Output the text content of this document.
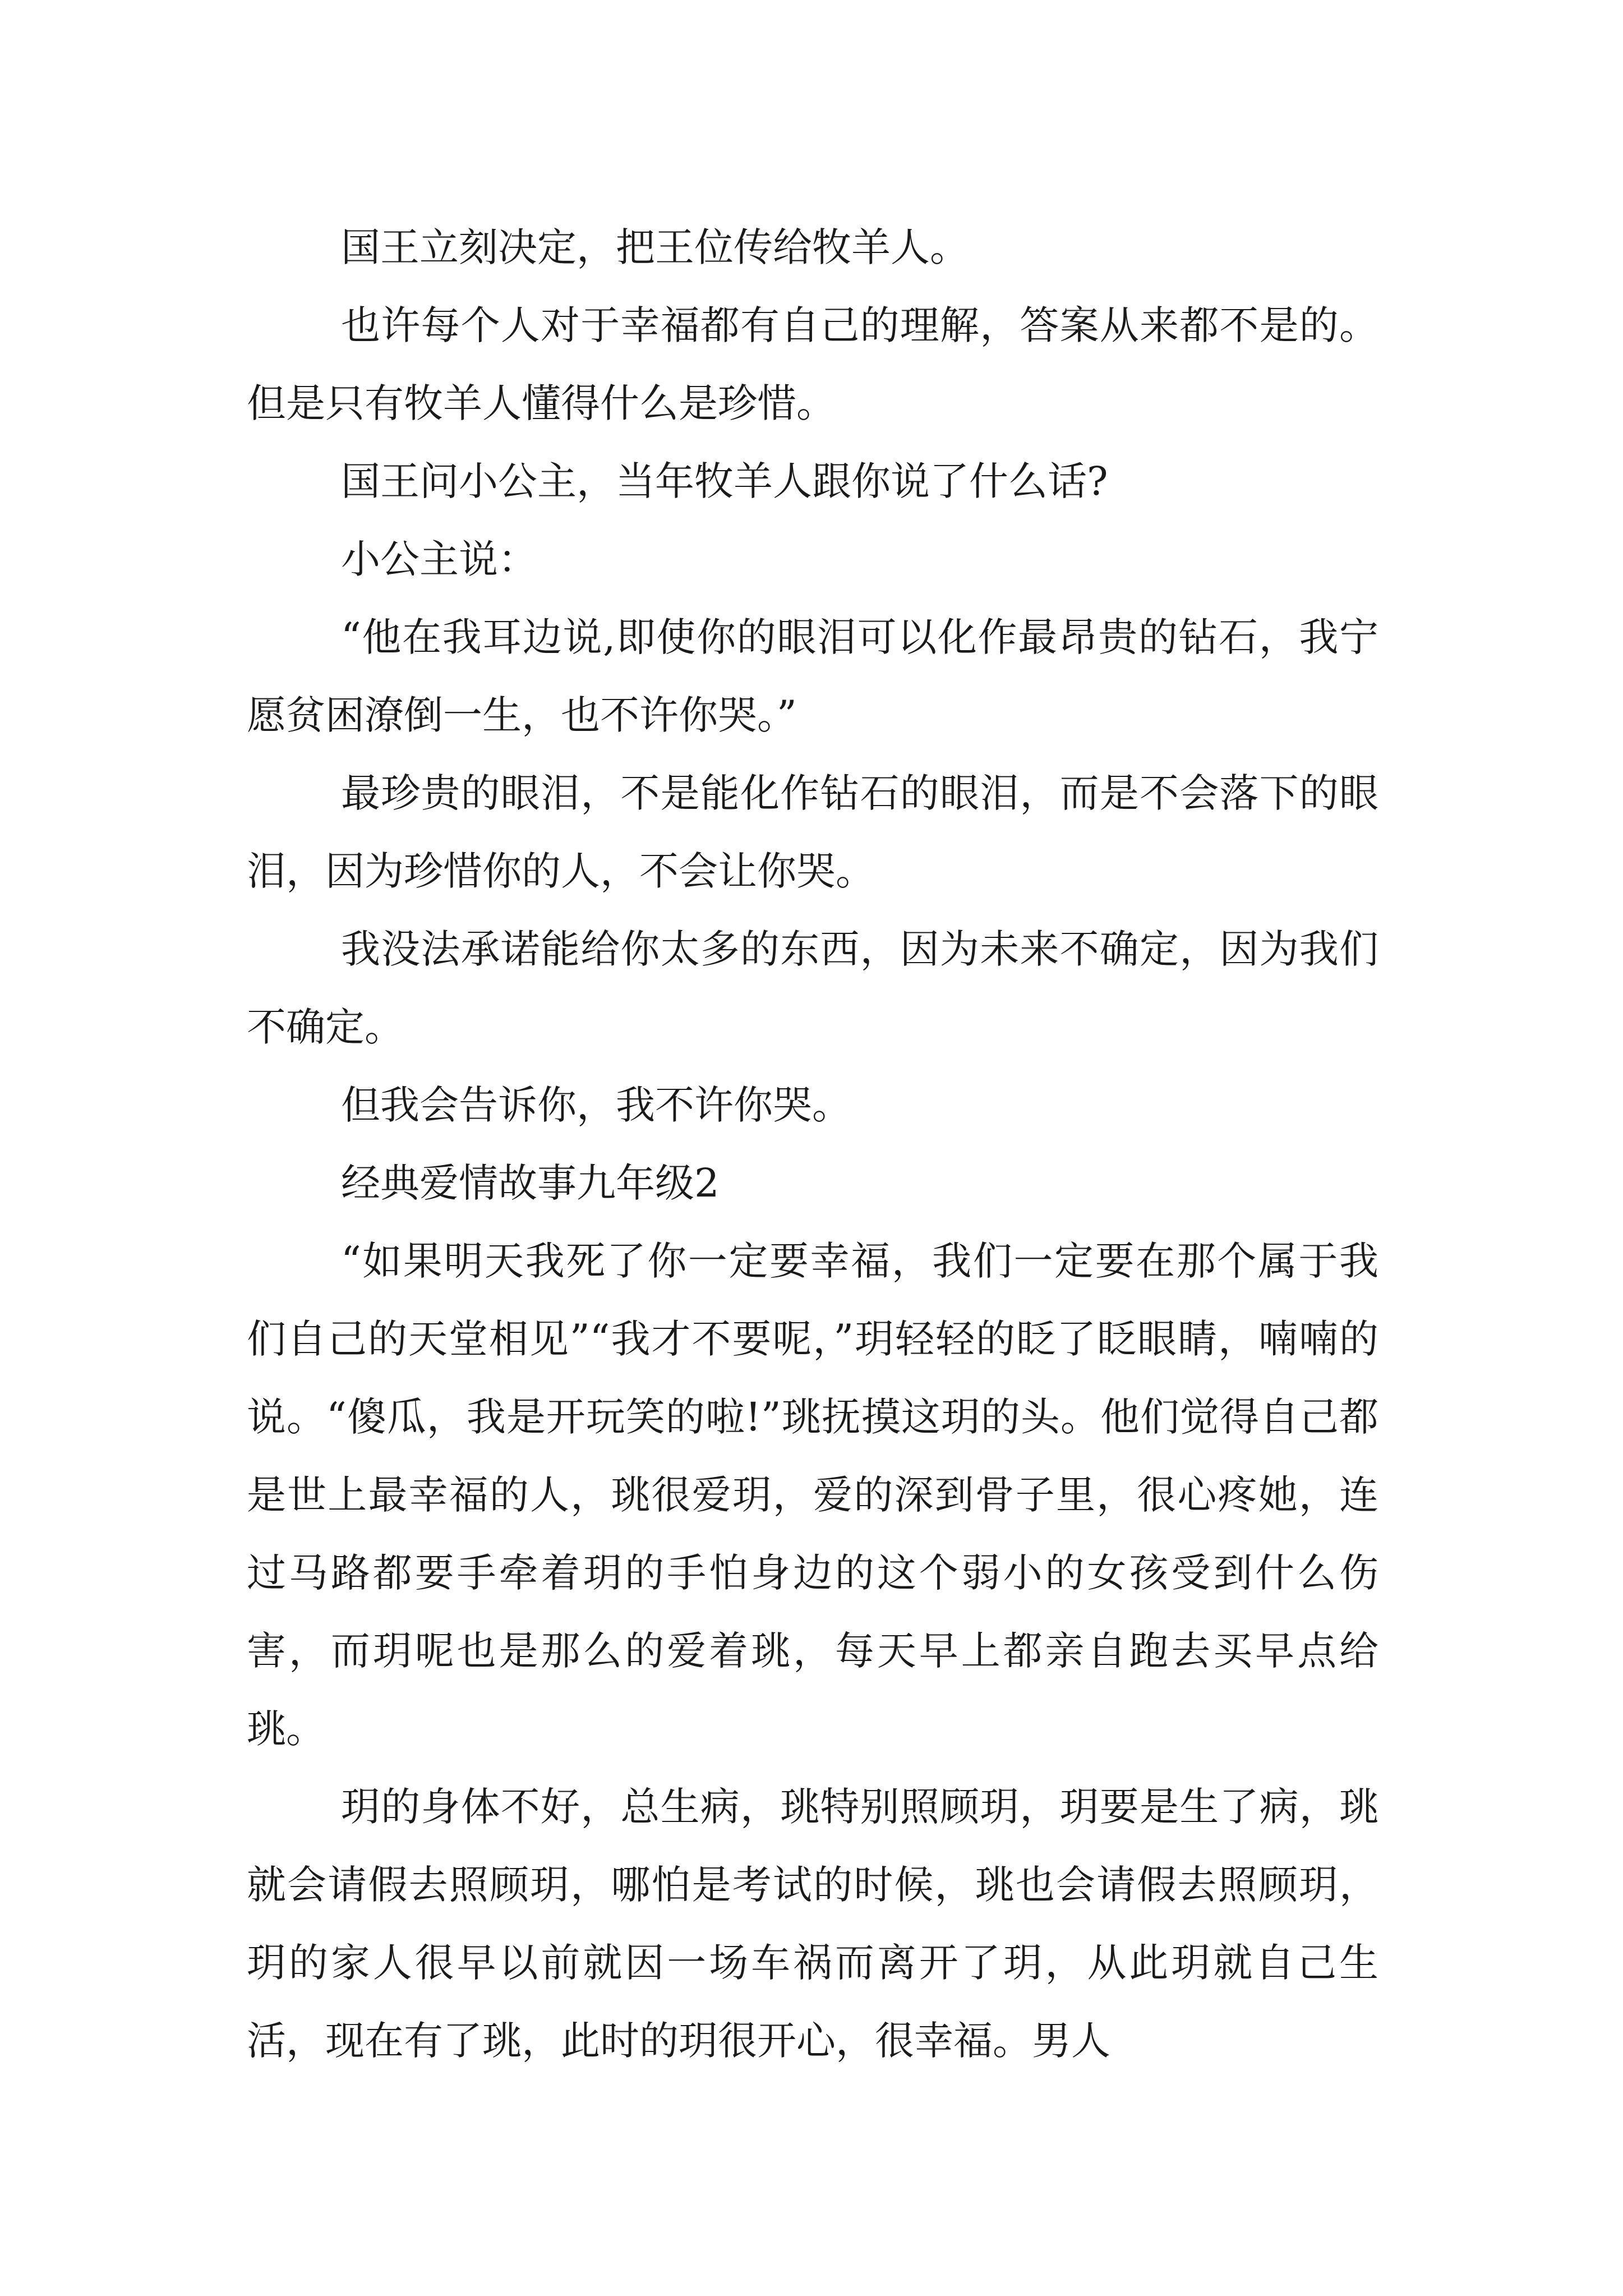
国王立刻决定，把王位传给牧羊人。

也许每个人对于幸福都有自己的理解，答案从来都不是的。但是只有牧羊人懂得什么是珍惜。

国王问小公主，当年牧羊人跟你说了什么话?

小公主说：

“他在我耳边说,即使你的眼泪可以化作最昂贵的钻石，我宁愿贫困潦倒一生，也不许你哭。”

最珍贵的眼泪，不是能化作钻石的眼泪，而是不会落下的眼泪，因为珍惜你的人，不会让你哭。

我没法承诺能给你太多的东西，因为未来不确定，因为我们不确定。

但我会告诉你，我不许你哭。

经典爱情故事九年级2

“如果明天我死了你一定要幸福，我们一定要在那个属于我们自己的天堂相见”“我才不要呢，”玥轻轻的眨了眨眼睛，喃喃的说。“傻瓜，我是开玩笑的啦!”珧抚摸这玥的头。他们觉得自己都是世上最幸福的人，珧很爱玥，爱的深到骨子里，很心疼她，连过马路都要手牵着玥的手怕身边的这个弱小的女孩受到什么伤害，而玥呢也是那么的爱着珧，每天早上都亲自跑去买早点给珧。

玥的身体不好，总生病，珧特别照顾玥，玥要是生了病，珧就会请假去照顾玥，哪怕是考试的时候，珧也会请假去照顾玥，玥的家人很早以前就因一场车祸而离开了玥，从此玥就自己生活，现在有了珧，此时的玥很开心，很幸福。男人
